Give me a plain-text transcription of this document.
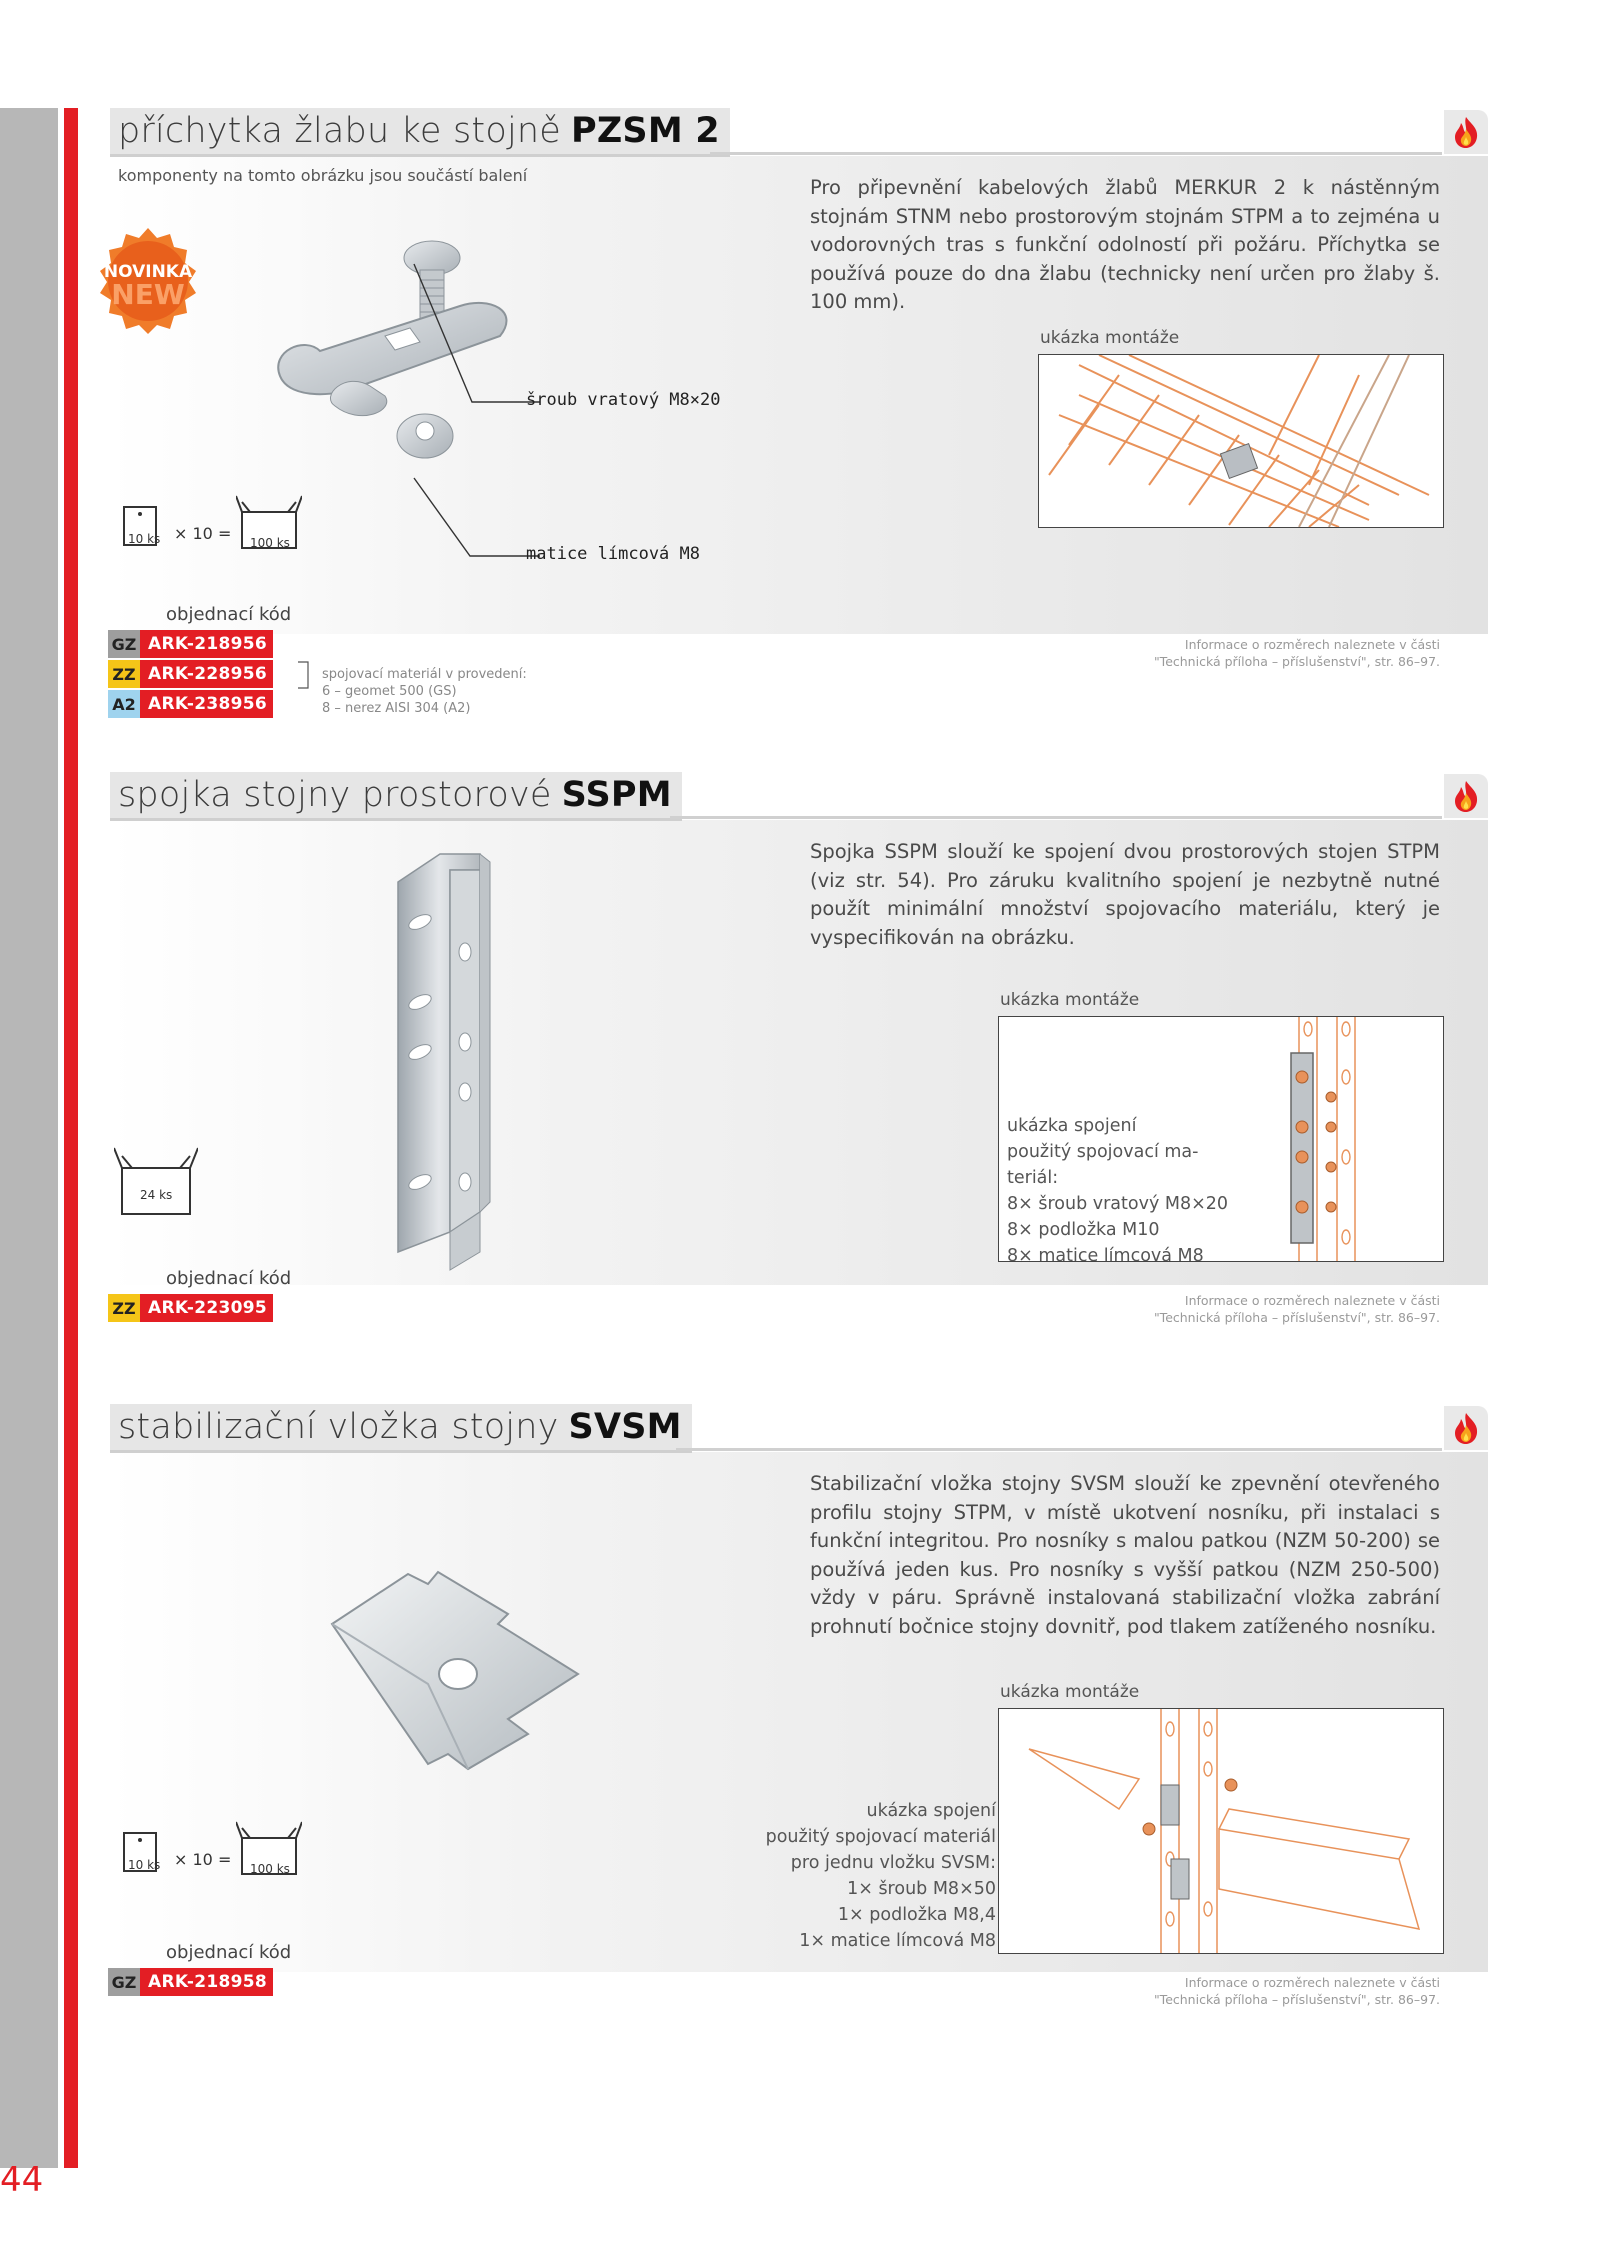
44
příchytka žlabu ke stojně PZSM 2
komponenty na tomto obrázku jsou součástí balení
NOVINKA
NEW
šroub vratový M8×20
matice límcová M8
Pro připevnění kabelových žlabů MERKUR 2 k nástěnným stojnám STNM nebo prostorovým stojnám STPM a to zejména u vodorovných tras s funkční odolností při požáru. Příchytka se používá pouze do dna žlabu (technicky není určen pro žlaby š. 100 mm).
ukázka montáže
10 ks × 10 = 100 ks
objednací kód
GZ ARK-218956
ZZ ARK-228956
A2 ARK-238956
spojovací materiál v provedení:
6 – geomet 500 (GS)
8 – nerez AISI 304 (A2)
Informace o rozměrech naleznete v části
"Technická příloha – příslušenství", str. 86–97.
spojka stojny prostorové SSPM
Spojka SSPM slouží ke spojení dvou prostorových stojen STPM (viz str. 54). Pro záruku kvalitního spojení je nezbytně nutné použít minimální množství spojovacího materiálu, který je vyspecifikován na obrázku.
ukázka montáže
ukázka spojení
použitý spojovací ma-
teriál:
8× šroub vratový M8×20
8× podložka M10
8× matice límcová M8
24 ks
objednací kód
ZZ ARK-223095	Informace o rozměrech naleznete v části
"Technická příloha – příslušenství", str. 86–97.
stabilizační vložka stojny SVSM
Stabilizační vložka stojny SVSM slouží ke zpevnění otevřeného profilu stojny STPM, v místě ukotvení nosníku, při instalaci s funkční integritou. Pro nosníky s malou patkou (NZM 50-200) se používá jeden kus. Pro nosníky s vyšší patkou (NZM 250-500) vždy v páru. Správně instalovaná stabilizační vložka zabrání prohnutí bočnice stojny dovnitř, pod tlakem zatíženého nosníku.
ukázka montáže
ukázka spojení
použitý spojovací materiál
pro jednu vložku SVSM:
1× šroub M8×50
1× podložka M8,4
1× matice límcová M8
10 ks × 10 = 100 ks
objednací kód
GZ ARK-218958	Informace o rozměrech naleznete v části
"Technická příloha – příslušenství", str. 86–97.
